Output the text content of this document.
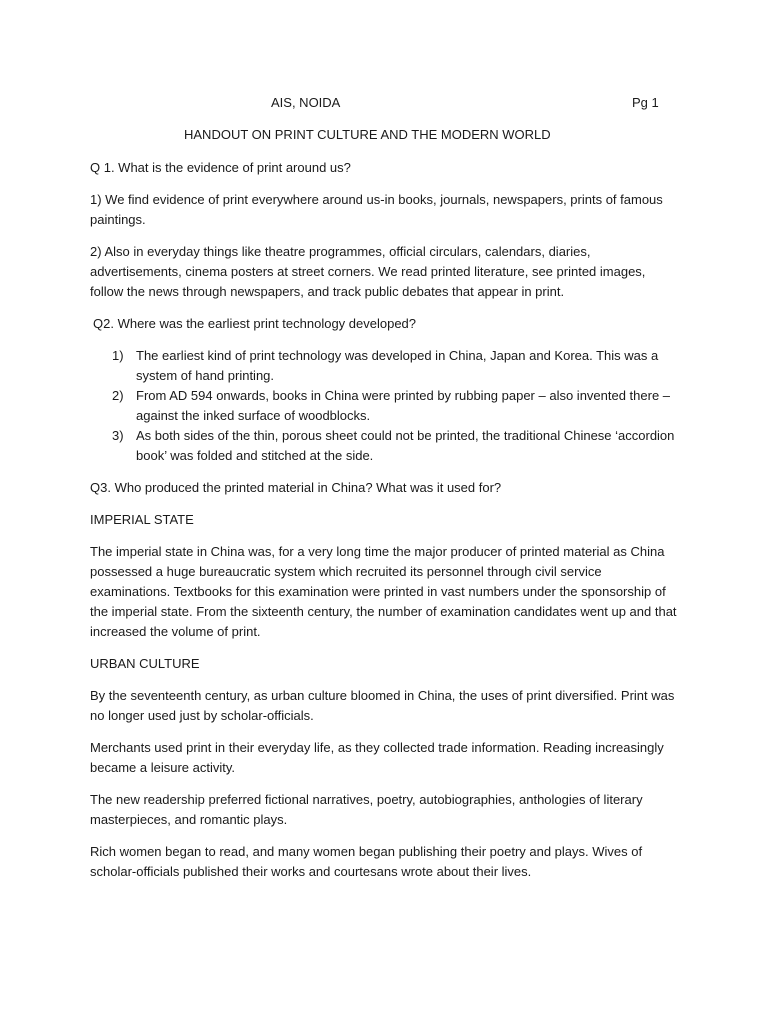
AIS, NOIDA	Pg 1
HANDOUT ON PRINT CULTURE AND THE MODERN WORLD

Q 1. What is the evidence of print around us?

1) We find evidence of print everywhere around us-in books, journals, newspapers, prints of famous paintings.

2) Also in everyday things like theatre programmes, official circulars, calendars, diaries, advertisements, cinema posters at street corners. We read printed literature, see printed images, follow the news through newspapers, and track public debates that appear in print.

Q2. Where was the earliest print technology developed?

1) The earliest kind of print technology was developed in China, Japan and Korea. This was a system of hand printing.
2) From AD 594 onwards, books in China were printed by rubbing paper – also invented there – against the inked surface of woodblocks.
3) As both sides of the thin, porous sheet could not be printed, the traditional Chinese ‘accordion book’ was folded and stitched at the side.

Q3. Who produced the printed material in China? What was it used for?

IMPERIAL STATE

The imperial state in China was, for a very long time the major producer of printed material as China possessed a huge bureaucratic system which recruited its personnel through civil service examinations. Textbooks for this examination were printed in vast numbers under the sponsorship of the imperial state. From the sixteenth century, the number of examination candidates went up and that increased the volume of print.

URBAN CULTURE

By the seventeenth century, as urban culture bloomed in China, the uses of print diversified. Print was no longer used just by scholar-officials.

Merchants used print in their everyday life, as they collected trade information. Reading increasingly became a leisure activity.

The new readership preferred fictional narratives, poetry, autobiographies, anthologies of literary masterpieces, and romantic plays.

Rich women began to read, and many women began publishing their poetry and plays. Wives of scholar-officials published their works and courtesans wrote about their lives.
